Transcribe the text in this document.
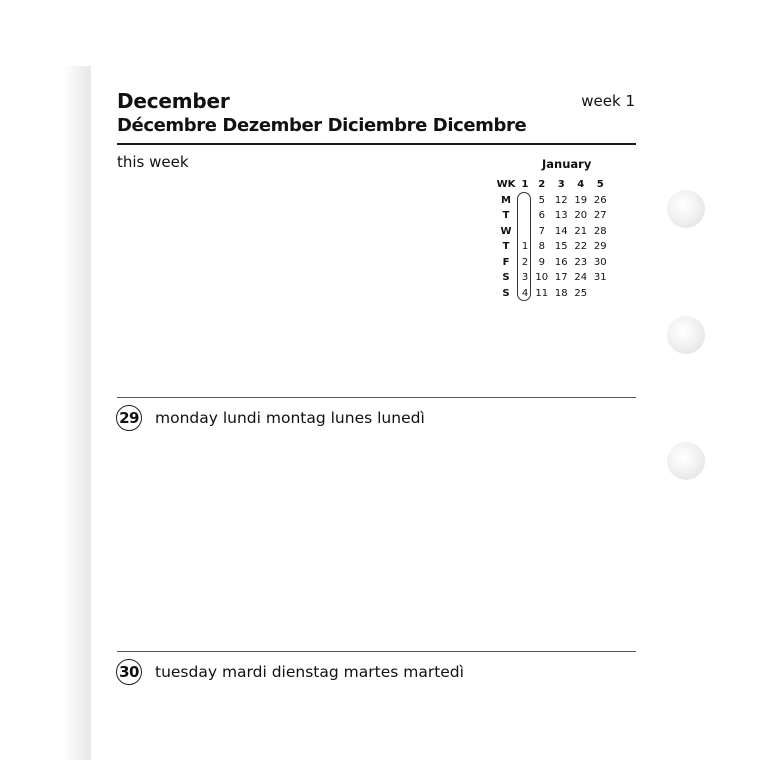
December
Décembre Dezember Diciembre Dicembre
week 1
this week	January
WK	1	2	3	4	5
M		5	12	19	26
T		6	13	20	27
W		7	14	21	28
T	1	8	15	22	29
F	2	9	16	23	30
S	3	10	17	24	31
S	4	11	18	25	
29 monday lundi montag lunes lunedì
30 tuesday mardi dienstag martes martedì
